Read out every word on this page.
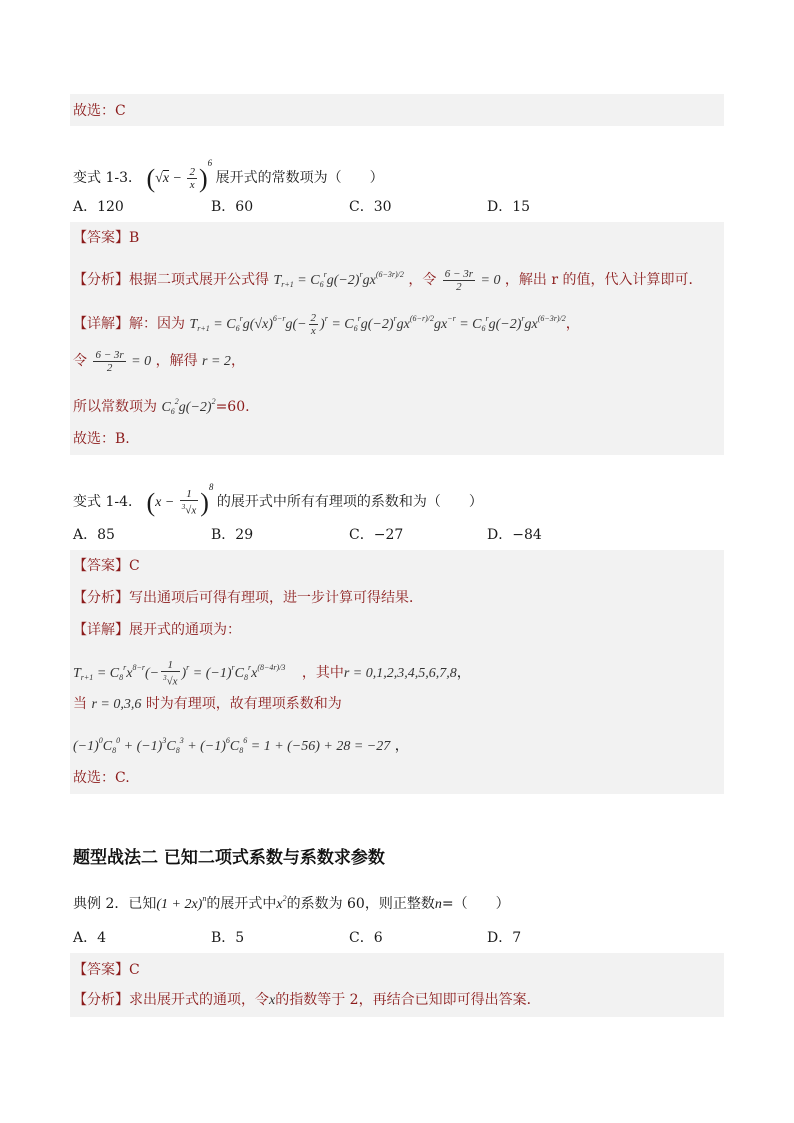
故选：C
变式 1-3． $(√x - \frac{2}{x} )^6$ 展开式的常数项为（　　）
A．120	B．60	C．30	D．15
【答案】B
【分析】根据二项式展开公式得 $T_{r+1} = C_6^rg(-2)^rgx^{(6-3r)/2}$ ，令 $\frac{6 - 3r}{2} = 0$ ，解出 r 的值，代入计算即可．
【详解】解：因为 $T_{r+1} = C_6^rg(√x)^{6-r}g(- \frac{2}{x} )^r = C_6^rg(-2)^rgx^{(6-r)/2}gx^{-r} = C_6^rg(-2)^rgx^{(6-3r)/2}$，
令 $\frac{6 - 3r}{2} = 0$ ，解得 r = 2，
所以常数项为 $C_6^2g(-2)^2=60$.
故选：B.
变式 1-4． $(x - \frac{1}{^3√x} )^8$ 的展开式中所有有理项的系数和为（　　）
A．85	B．29	C．−27	D．−84
【答案】C
【分析】写出通项后可得有理项，进一步计算可得结果．
【详解】展开式的通项为：
$T_{r+1} = C_8^rx^{8-r}(- \frac{1}{^3√x} )^r = (-1)^rC_8^rx^{(8-4r)/3}$ ，其中r = 0,1,2,3,4,5,6,7,8，
当 r = 0,3,6 时为有理项，故有理项系数和为
$(-1)^0C_8^0 + (-1)^3C_8^3 + (-1)^6C_8^6 = 1 + (-56) + 28 = -27$ ，
故选：C.
题型战法二 已知二项式系数与系数求参数
典例 2．已知$(1 + 2x)^n$的展开式中$x^2$的系数为 60，则正整数n=（　　）
A．4	B．5	C．6	D．7
【答案】C
【分析】求出展开式的通项，令x的指数等于 2，再结合已知即可得出答案．
